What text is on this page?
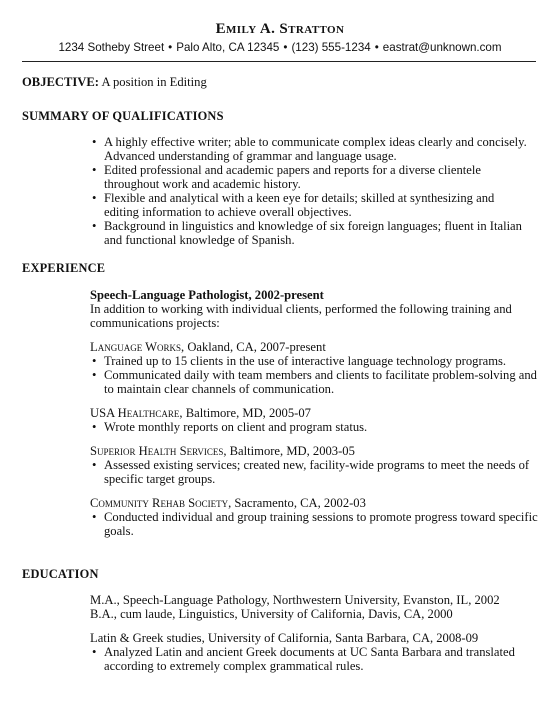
Emily A. Stratton
1234 Sotheby Street • Palo Alto, CA 12345 • (123) 555-1234 • eastrat@unknown.com
OBJECTIVE: A position in Editing
SUMMARY OF QUALIFICATIONS
• A highly effective writer; able to communicate complex ideas clearly and concisely. Advanced understanding of grammar and language usage.
• Edited professional and academic papers and reports for a diverse clientele throughout work and academic history.
• Flexible and analytical with a keen eye for details; skilled at synthesizing and editing information to achieve overall objectives.
• Background in linguistics and knowledge of six foreign languages; fluent in Italian and functional knowledge of Spanish.
EXPERIENCE
Speech-Language Pathologist, 2002-present
In addition to working with individual clients, performed the following training and communications projects:
Language Works, Oakland, CA, 2007-present
• Trained up to 15 clients in the use of interactive language technology programs.
• Communicated daily with team members and clients to facilitate problem-solving and to maintain clear channels of communication.
USA Healthcare, Baltimore, MD, 2005-07
• Wrote monthly reports on client and program status.
Superior Health Services, Baltimore, MD, 2003-05
• Assessed existing services; created new, facility-wide programs to meet the needs of specific target groups.
Community Rehab Society, Sacramento, CA, 2002-03
• Conducted individual and group training sessions to promote progress toward specific goals.
EDUCATION
M.A., Speech-Language Pathology, Northwestern University, Evanston, IL, 2002
B.A., cum laude, Linguistics, University of California, Davis, CA, 2000
Latin & Greek studies, University of California, Santa Barbara, CA, 2008-09
• Analyzed Latin and ancient Greek documents at UC Santa Barbara and translated according to extremely complex grammatical rules.
